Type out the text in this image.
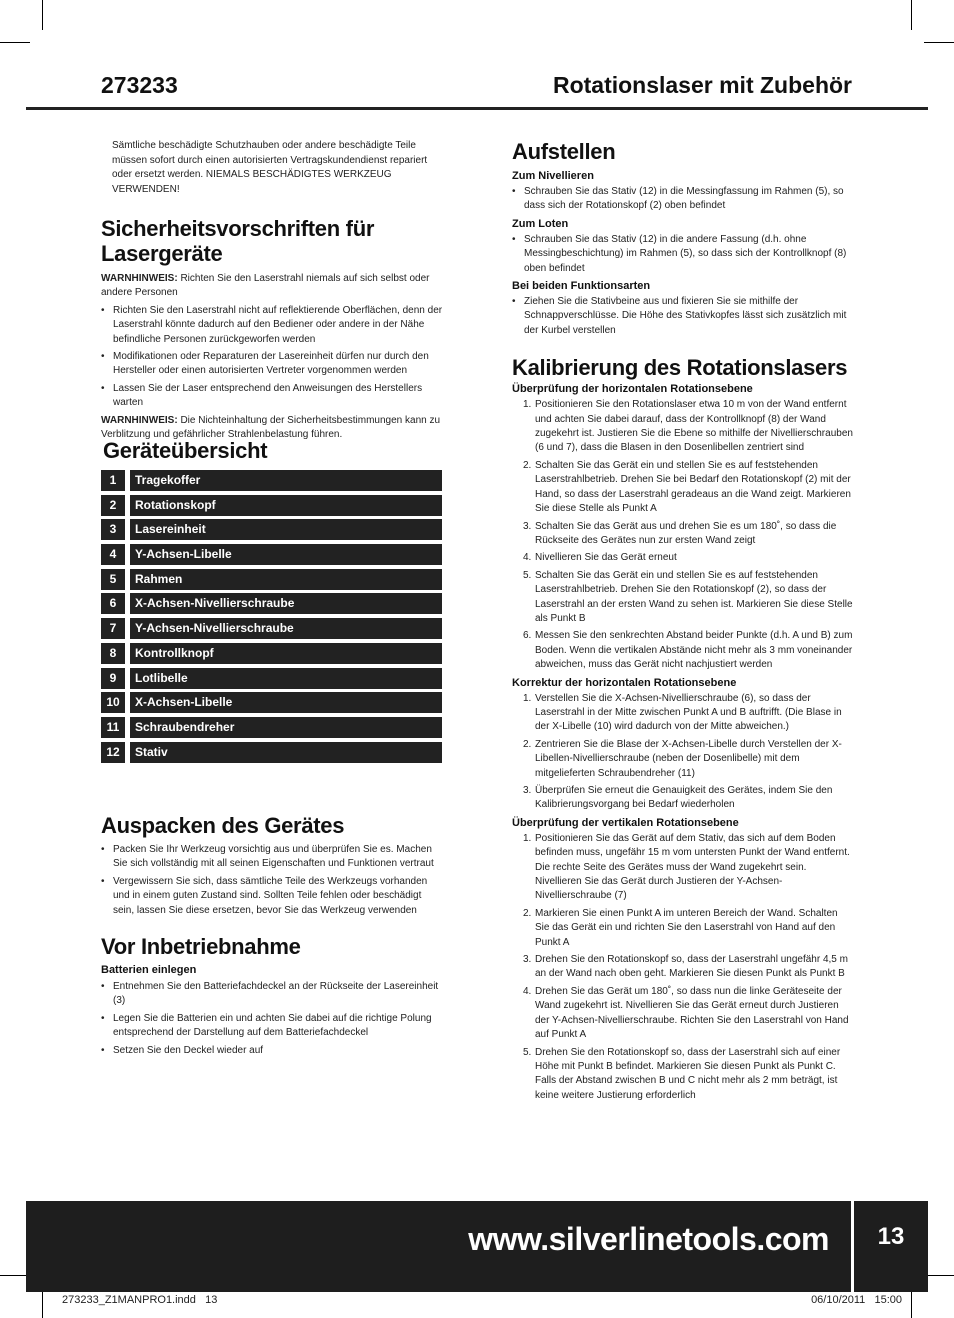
273233	Rotationslaser mit Zubehör

Sämtliche beschädigte Schutzhauben oder andere beschädigte Teile müssen sofort durch einen autorisierten Vertragskundendienst repariert oder ersetzt werden. NIEMALS BESCHÄDIGTES WERKZEUG VERWENDEN!

Sicherheitsvorschriften für Lasergeräte

WARNHINWEIS: Richten Sie den Laserstrahl niemals auf sich selbst oder andere Personen

• Richten Sie den Laserstrahl nicht auf reflektierende Oberflächen, denn der Laserstrahl könnte dadurch auf den Bediener oder andere in der Nähe befindliche Personen zurückgeworfen werden
• Modifikationen oder Reparaturen der Lasereinheit dürfen nur durch den Hersteller oder einen autorisierten Vertreter vorgenommen werden
• Lassen Sie der Laser entsprechend den Anweisungen des Herstellers warten

WARNHINWEIS: Die Nichteinhaltung der Sicherheitsbestimmungen kann zu Verblitzung und gefährlicher Strahlenbelastung führen.

Geräteübersicht
1	Tragekoffer
2	Rotationskopf
3	Lasereinheit
4	Y-Achsen-Libelle
5	Rahmen
6	X-Achsen-Nivellierschraube
7	Y-Achsen-Nivellierschraube
8	Kontrollknopf
9	Lotlibelle
10	X-Achsen-Libelle
11	Schraubendreher
12	Stativ
Auspacken des Gerätes
• Packen Sie Ihr Werkzeug vorsichtig aus und überprüfen Sie es. Machen Sie sich vollständig mit all seinen Eigenschaften und Funktionen vertraut
• Vergewissern Sie sich, dass sämtliche Teile des Werkzeugs vorhanden und in einem guten Zustand sind. Sollten Teile fehlen oder beschädigt sein, lassen Sie diese ersetzen, bevor Sie das Werkzeug verwenden
Vor Inbetriebnahme

Batterien einlegen

• Entnehmen Sie den Batteriefachdeckel an der Rückseite der Lasereinheit (3)
• Legen Sie die Batterien ein und achten Sie dabei auf die richtige Polung entsprechend der Darstellung auf dem Batteriefachdeckel
• Setzen Sie den Deckel wieder auf
Aufstellen

Zum Nivellieren

• Schrauben Sie das Stativ (12) in die Messingfassung im Rahmen (5), so dass sich der Rotationskopf (2) oben befindet

Zum Loten

• Schrauben Sie das Stativ (12) in die andere Fassung (d.h. ohne Messingbeschichtung) im Rahmen (5), so dass sich der Kontrollknopf (8) oben befindet

Bei beiden Funktionsarten

• Ziehen Sie die Stativbeine aus und fixieren Sie sie mithilfe der Schnappverschlüsse. Die Höhe des Stativkopfes lässt sich zusätzlich mit der Kurbel verstellen
Kalibrierung des Rotationslasers

Überprüfung der horizontalen Rotationsebene

1. Positionieren Sie den Rotationslaser etwa 10 m von der Wand entfernt und achten Sie dabei darauf, dass der Kontrollknopf (8) der Wand zugekehrt ist. Justieren Sie die Ebene so mithilfe der Nivellierschrauben (6 und 7), dass die Blasen in den Dosenlibellen zentriert sind
2. Schalten Sie das Gerät ein und stellen Sie es auf feststehenden Laserstrahlbetrieb. Drehen Sie bei Bedarf den Rotationskopf (2) mit der Hand, so dass der Laserstrahl geradeaus an die Wand zeigt. Markieren Sie diese Stelle als Punkt A
3. Schalten Sie das Gerät aus und drehen Sie es um 180˚, so dass die Rückseite des Gerätes nun zur ersten Wand zeigt
4. Nivellieren Sie das Gerät erneut
5. Schalten Sie das Gerät ein und stellen Sie es auf feststehenden Laserstrahlbetrieb. Drehen Sie den Rotationskopf (2), so dass der Laserstrahl an der ersten Wand zu sehen ist. Markieren Sie diese Stelle als Punkt B
6. Messen Sie den senkrechten Abstand beider Punkte (d.h. A und B) zum Boden. Wenn die vertikalen Abstände nicht mehr als 3 mm voneinander abweichen, muss das Gerät nicht nachjustiert werden

Korrektur der horizontalen Rotationsebene

1. Verstellen Sie die X-Achsen-Nivellierschraube (6), so dass der Laserstrahl in der Mitte zwischen Punkt A und B auftrifft. (Die Blase in der X-Libelle (10) wird dadurch von der Mitte abweichen.)
2. Zentrieren Sie die Blase der X-Achsen-Libelle durch Verstellen der X-Libellen-Nivellierschraube (neben der Dosenlibelle) mit dem mitgelieferten Schraubendreher (11)
3. Überprüfen Sie erneut die Genauigkeit des Gerätes, indem Sie den Kalibrierungsvorgang bei Bedarf wiederholen

Überprüfung der vertikalen Rotationsebene

1. Positionieren Sie das Gerät auf dem Stativ, das sich auf dem Boden befinden muss, ungefähr 15 m vom untersten Punkt der Wand entfernt. Die rechte Seite des Gerätes muss der Wand zugekehrt sein. Nivellieren Sie das Gerät durch Justieren der Y-Achsen-Nivellierschraube (7)
2. Markieren Sie einen Punkt A im unteren Bereich der Wand. Schalten Sie das Gerät ein und richten Sie den Laserstrahl von Hand auf den Punkt A
3. Drehen Sie den Rotationskopf so, dass der Laserstrahl ungefähr 4,5 m an der Wand nach oben geht. Markieren Sie diesen Punkt als Punkt B
4. Drehen Sie das Gerät um 180˚, so dass nun die linke Geräteseite der Wand zugekehrt ist. Nivellieren Sie das Gerät erneut durch Justieren der Y-Achsen-Nivellierschraube. Richten Sie den Laserstrahl von Hand auf Punkt A
5. Drehen Sie den Rotationskopf so, dass der Laserstrahl sich auf einer Höhe mit Punkt B befindet. Markieren Sie diesen Punkt als Punkt C. Falls der Abstand zwischen B und C nicht mehr als 2 mm beträgt, ist keine weitere Justierung erforderlich
www.silverlinetools.com	13
273233_Z1MANPRO1.indd   13	06/10/2011   15:00
